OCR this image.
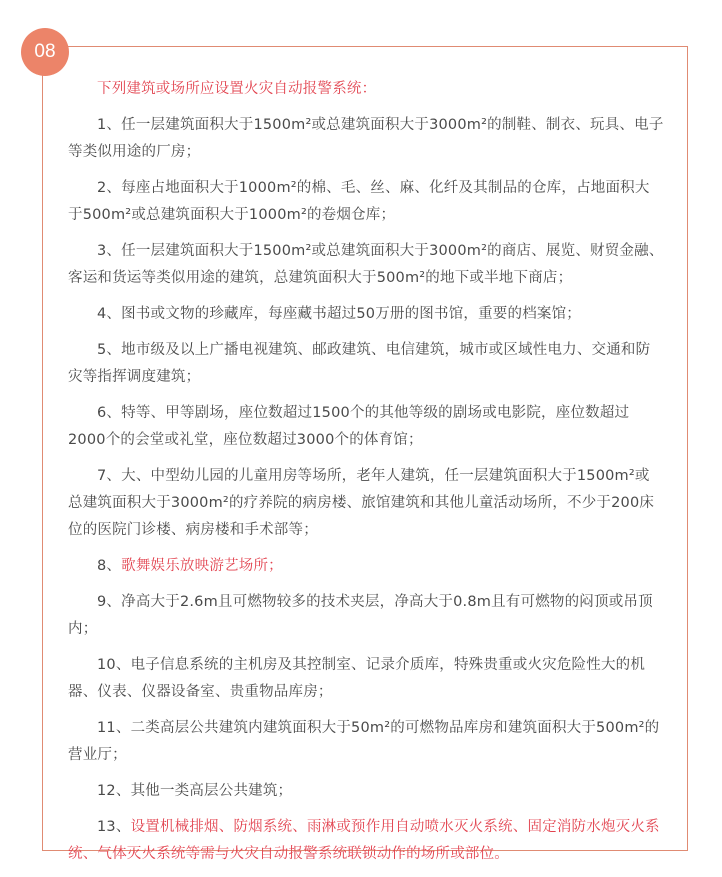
08

下列建筑或场所应设置火灾自动报警系统：

1、任一层建筑面积大于1500m²或总建筑面积大于3000m²的制鞋、制衣、玩具、电子等类似用途的厂房；

2、每座占地面积大于1000m²的棉、毛、丝、麻、化纤及其制品的仓库，占地面积大于500m²或总建筑面积大于1000m²的卷烟仓库；

3、任一层建筑面积大于1500m²或总建筑面积大于3000m²的商店、展览、财贸金融、客运和货运等类似用途的建筑，总建筑面积大于500m²的地下或半地下商店；

4、图书或文物的珍藏库，每座藏书超过50万册的图书馆，重要的档案馆；

5、地市级及以上广播电视建筑、邮政建筑、电信建筑，城市或区域性电力、交通和防灾等指挥调度建筑；

6、特等、甲等剧场，座位数超过1500个的其他等级的剧场或电影院，座位数超过2000个的会堂或礼堂，座位数超过3000个的体育馆；

7、大、中型幼儿园的儿童用房等场所，老年人建筑，任一层建筑面积大于1500m²或总建筑面积大于3000m²的疗养院的病房楼、旅馆建筑和其他儿童活动场所，不少于200床位的医院门诊楼、病房楼和手术部等；

8、歌舞娱乐放映游艺场所；

9、净高大于2.6m且可燃物较多的技术夹层，净高大于0.8m且有可燃物的闷顶或吊顶内；

10、电子信息系统的主机房及其控制室、记录介质库，特殊贵重或火灾危险性大的机器、仪表、仪器设备室、贵重物品库房；

11、二类高层公共建筑内建筑面积大于50m²的可燃物品库房和建筑面积大于500m²的营业厅；

12、其他一类高层公共建筑；

13、设置机械排烟、防烟系统、雨淋或预作用自动喷水灭火系统、固定消防水炮灭火系统、气体灭火系统等需与火灾自动报警系统联锁动作的场所或部位。
